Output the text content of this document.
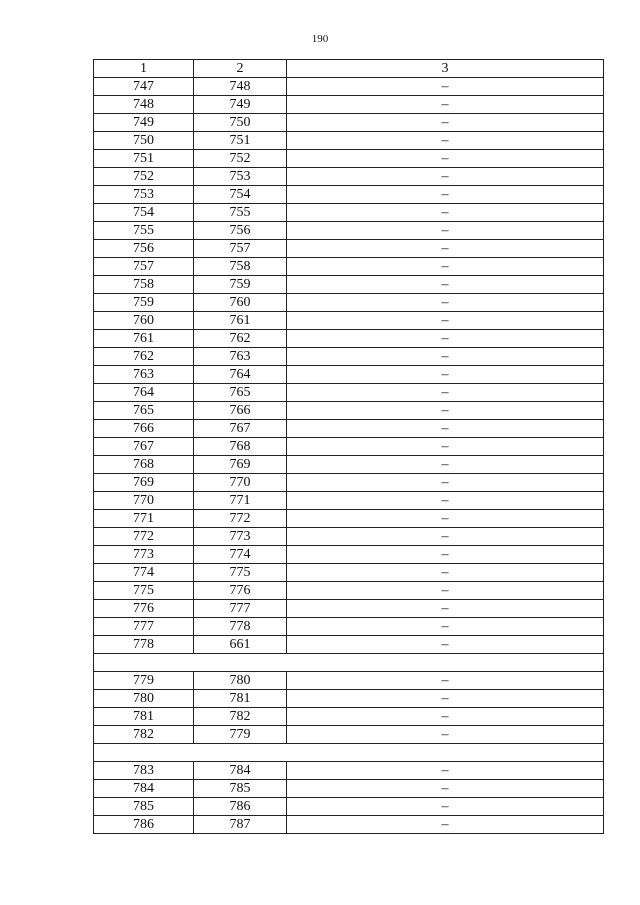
190
1	2	3
747	748	–
748	749	–
749	750	–
750	751	–
751	752	–
752	753	–
753	754	–
754	755	–
755	756	–
756	757	–
757	758	–
758	759	–
759	760	–
760	761	–
761	762	–
762	763	–
763	764	–
764	765	–
765	766	–
766	767	–
767	768	–
768	769	–
769	770	–
770	771	–
771	772	–
772	773	–
773	774	–
774	775	–
775	776	–
776	777	–
777	778	–
778	661	–

779	780	–
780	781	–
781	782	–
782	779	–

783	784	–
784	785	–
785	786	–
786	787	–
